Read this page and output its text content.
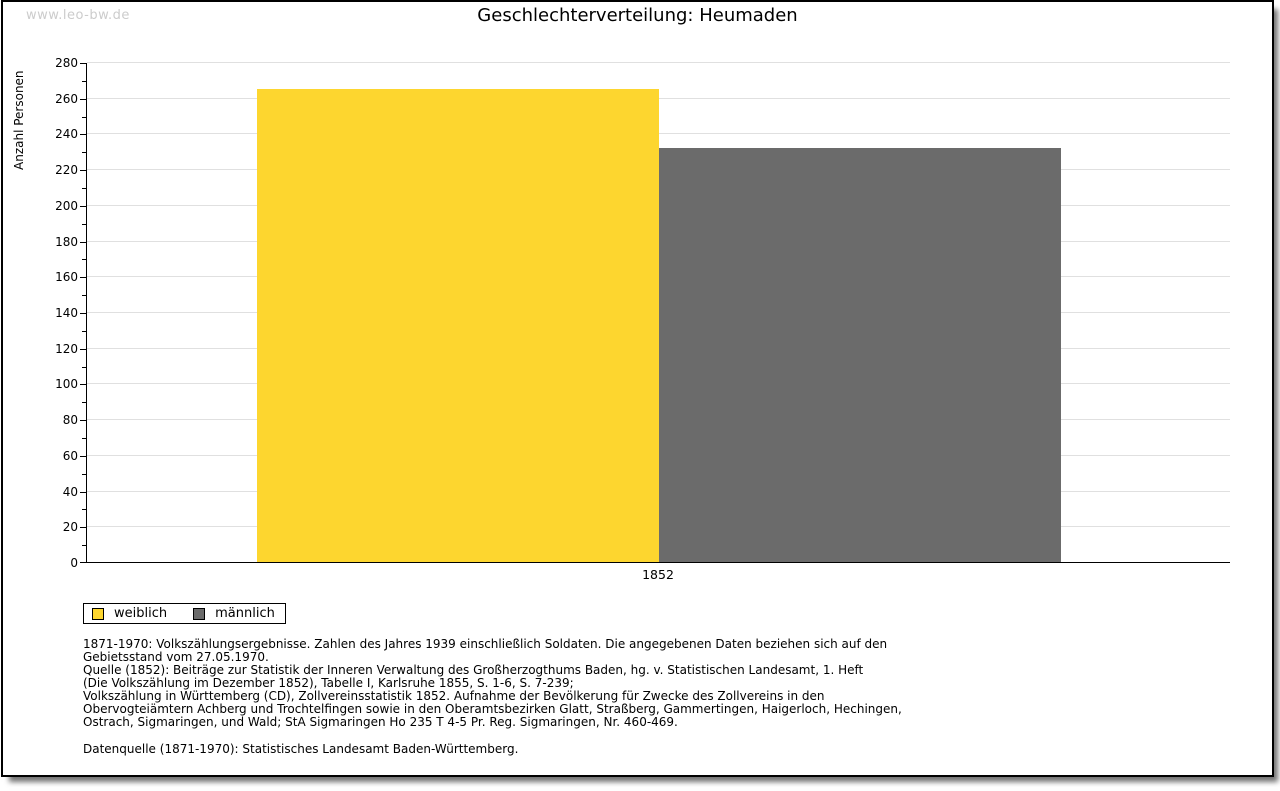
www.leo-bw.de	Geschlechterverteilung: Heumaden
Anzahl Personen
0
20
40
60
80
100
120
140
160
180
200
220
240
260
280
1852
weiblich	männlich
1871-1970: Volkszählungsergebnisse. Zahlen des Jahres 1939 einschließlich Soldaten. Die angegebenen Daten beziehen sich auf den
Gebietsstand vom 27.05.1970.
Quelle (1852): Beiträge zur Statistik der Inneren Verwaltung des Großherzogthums Baden, hg. v. Statistischen Landesamt, 1. Heft
(Die Volkszählung im Dezember 1852), Tabelle I, Karlsruhe 1855, S. 1-6, S. 7-239;
Volkszählung in Württemberg (CD), Zollvereinsstatistik 1852. Aufnahme der Bevölkerung für Zwecke des Zollvereins in den
Obervogteiämtern Achberg und Trochtelfingen sowie in den Oberamtsbezirken Glatt, Straßberg, Gammertingen, Haigerloch, Hechingen,
Ostrach, Sigmaringen, und Wald; StA Sigmaringen Ho 235 T 4-5 Pr. Reg. Sigmaringen, Nr. 460-469.
Datenquelle (1871-1970): Statistisches Landesamt Baden-Württemberg.
